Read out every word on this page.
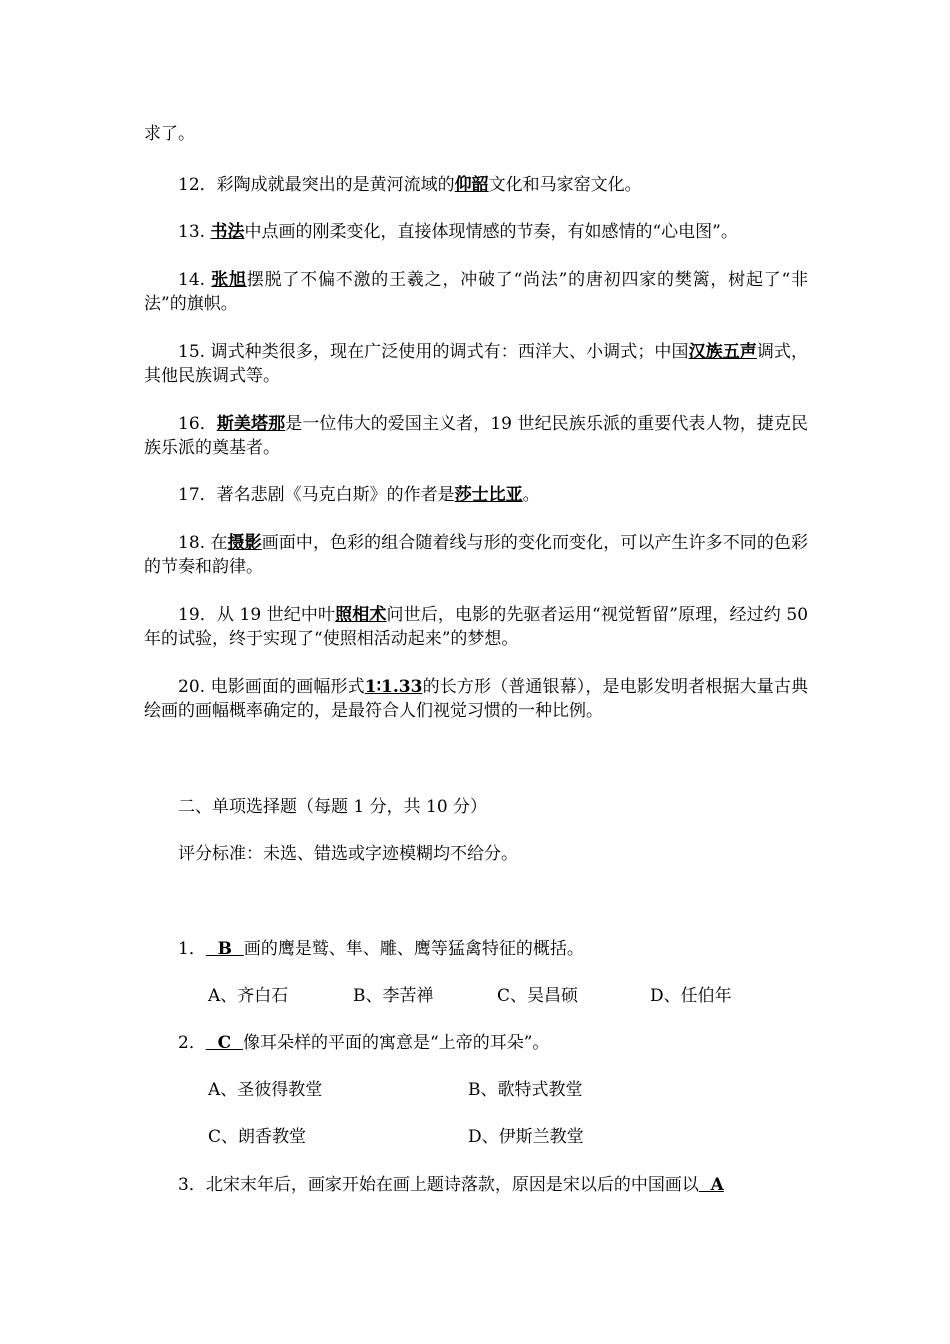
求了。

12．彩陶成就最突出的是黄河流域的仰韶文化和马家窑文化。

13. 书法中点画的刚柔变化，直接体现情感的节奏，有如感情的“心电图”。

14. 张旭摆脱了不偏不激的王羲之，冲破了“尚法”的唐初四家的樊篱，树起了“非法”的旗帜。

15. 调式种类很多，现在广泛使用的调式有：西洋大、小调式；中国汉族五声调式，其他民族调式等。

16．斯美塔那是一位伟大的爱国主义者，19 世纪民族乐派的重要代表人物，捷克民族乐派的奠基者。

17．著名悲剧《马克白斯》的作者是莎士比亚。

18. 在摄影画面中，色彩的组合随着线与形的变化而变化，可以产生许多不同的色彩的节奏和韵律。

19．从 19 世纪中叶照相术问世后，电影的先驱者运用“视觉暂留”原理，经过约 50 年的试验，终于实现了“使照相活动起来”的梦想。

20. 电影画面的画幅形式1∶1.33的长方形（普通银幕），是电影发明者根据大量古典绘画的画幅概率确定的，是最符合人们视觉习惯的一种比例。

二、单项选择题（每题 1 分，共 10 分）

评分标准：未选、错选或字迹模糊均不给分。

1．  B  画的鹰是鹫、隼、雕、鹰等猛禽特征的概括。

A、齐白石	B、李苦禅	C、吴昌硕	D、任伯年

2．  C  像耳朵样的平面的寓意是“上帝的耳朵”。

A、圣彼得教堂	B、歌特式教堂
C、朗香教堂	D、伊斯兰教堂

3．北宋末年后，画家开始在画上题诗落款，原因是宋以后的中国画以  A
